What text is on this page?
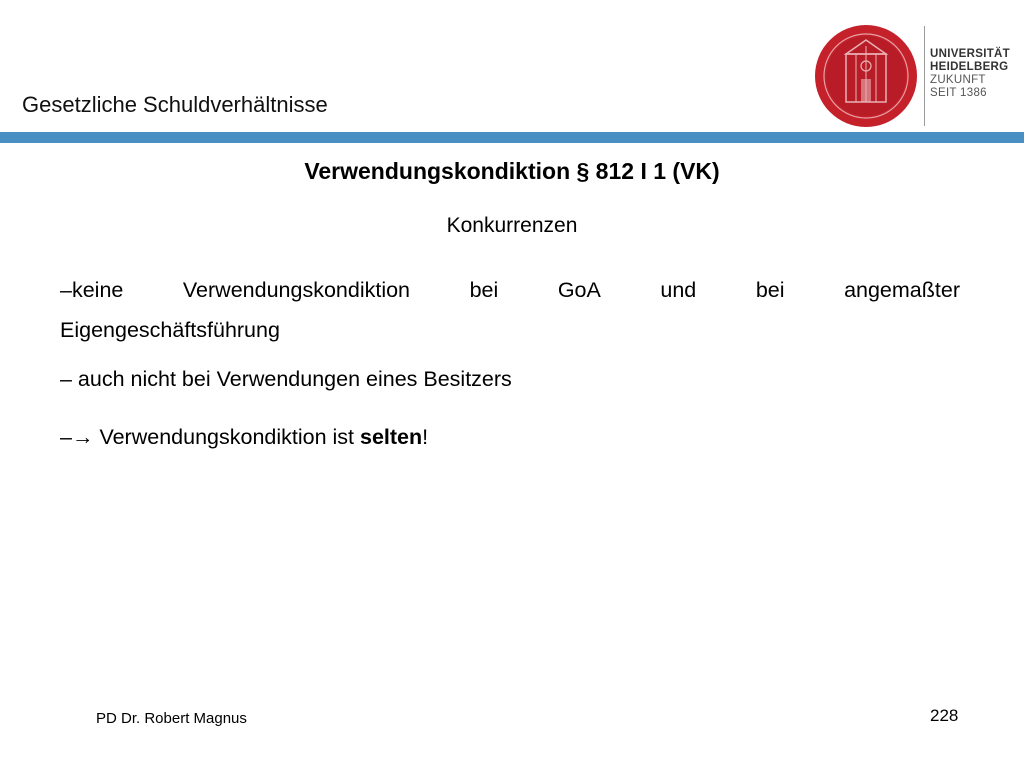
Gesetzliche Schuldverhältnisse
UNIVERSITÄT
HEIDELBERG
ZUKUNFT
SEIT 1386
Verwendungskondiktion § 812 I 1 (VK)
Konkurrenzen
–keine	Verwendungskondiktion	bei	GoA	und	bei	angemaßter
Eigengeschäftsführung
– auch nicht bei Verwendungen eines Besitzers
–→ Verwendungskondiktion ist selten!
PD Dr. Robert Magnus	228
